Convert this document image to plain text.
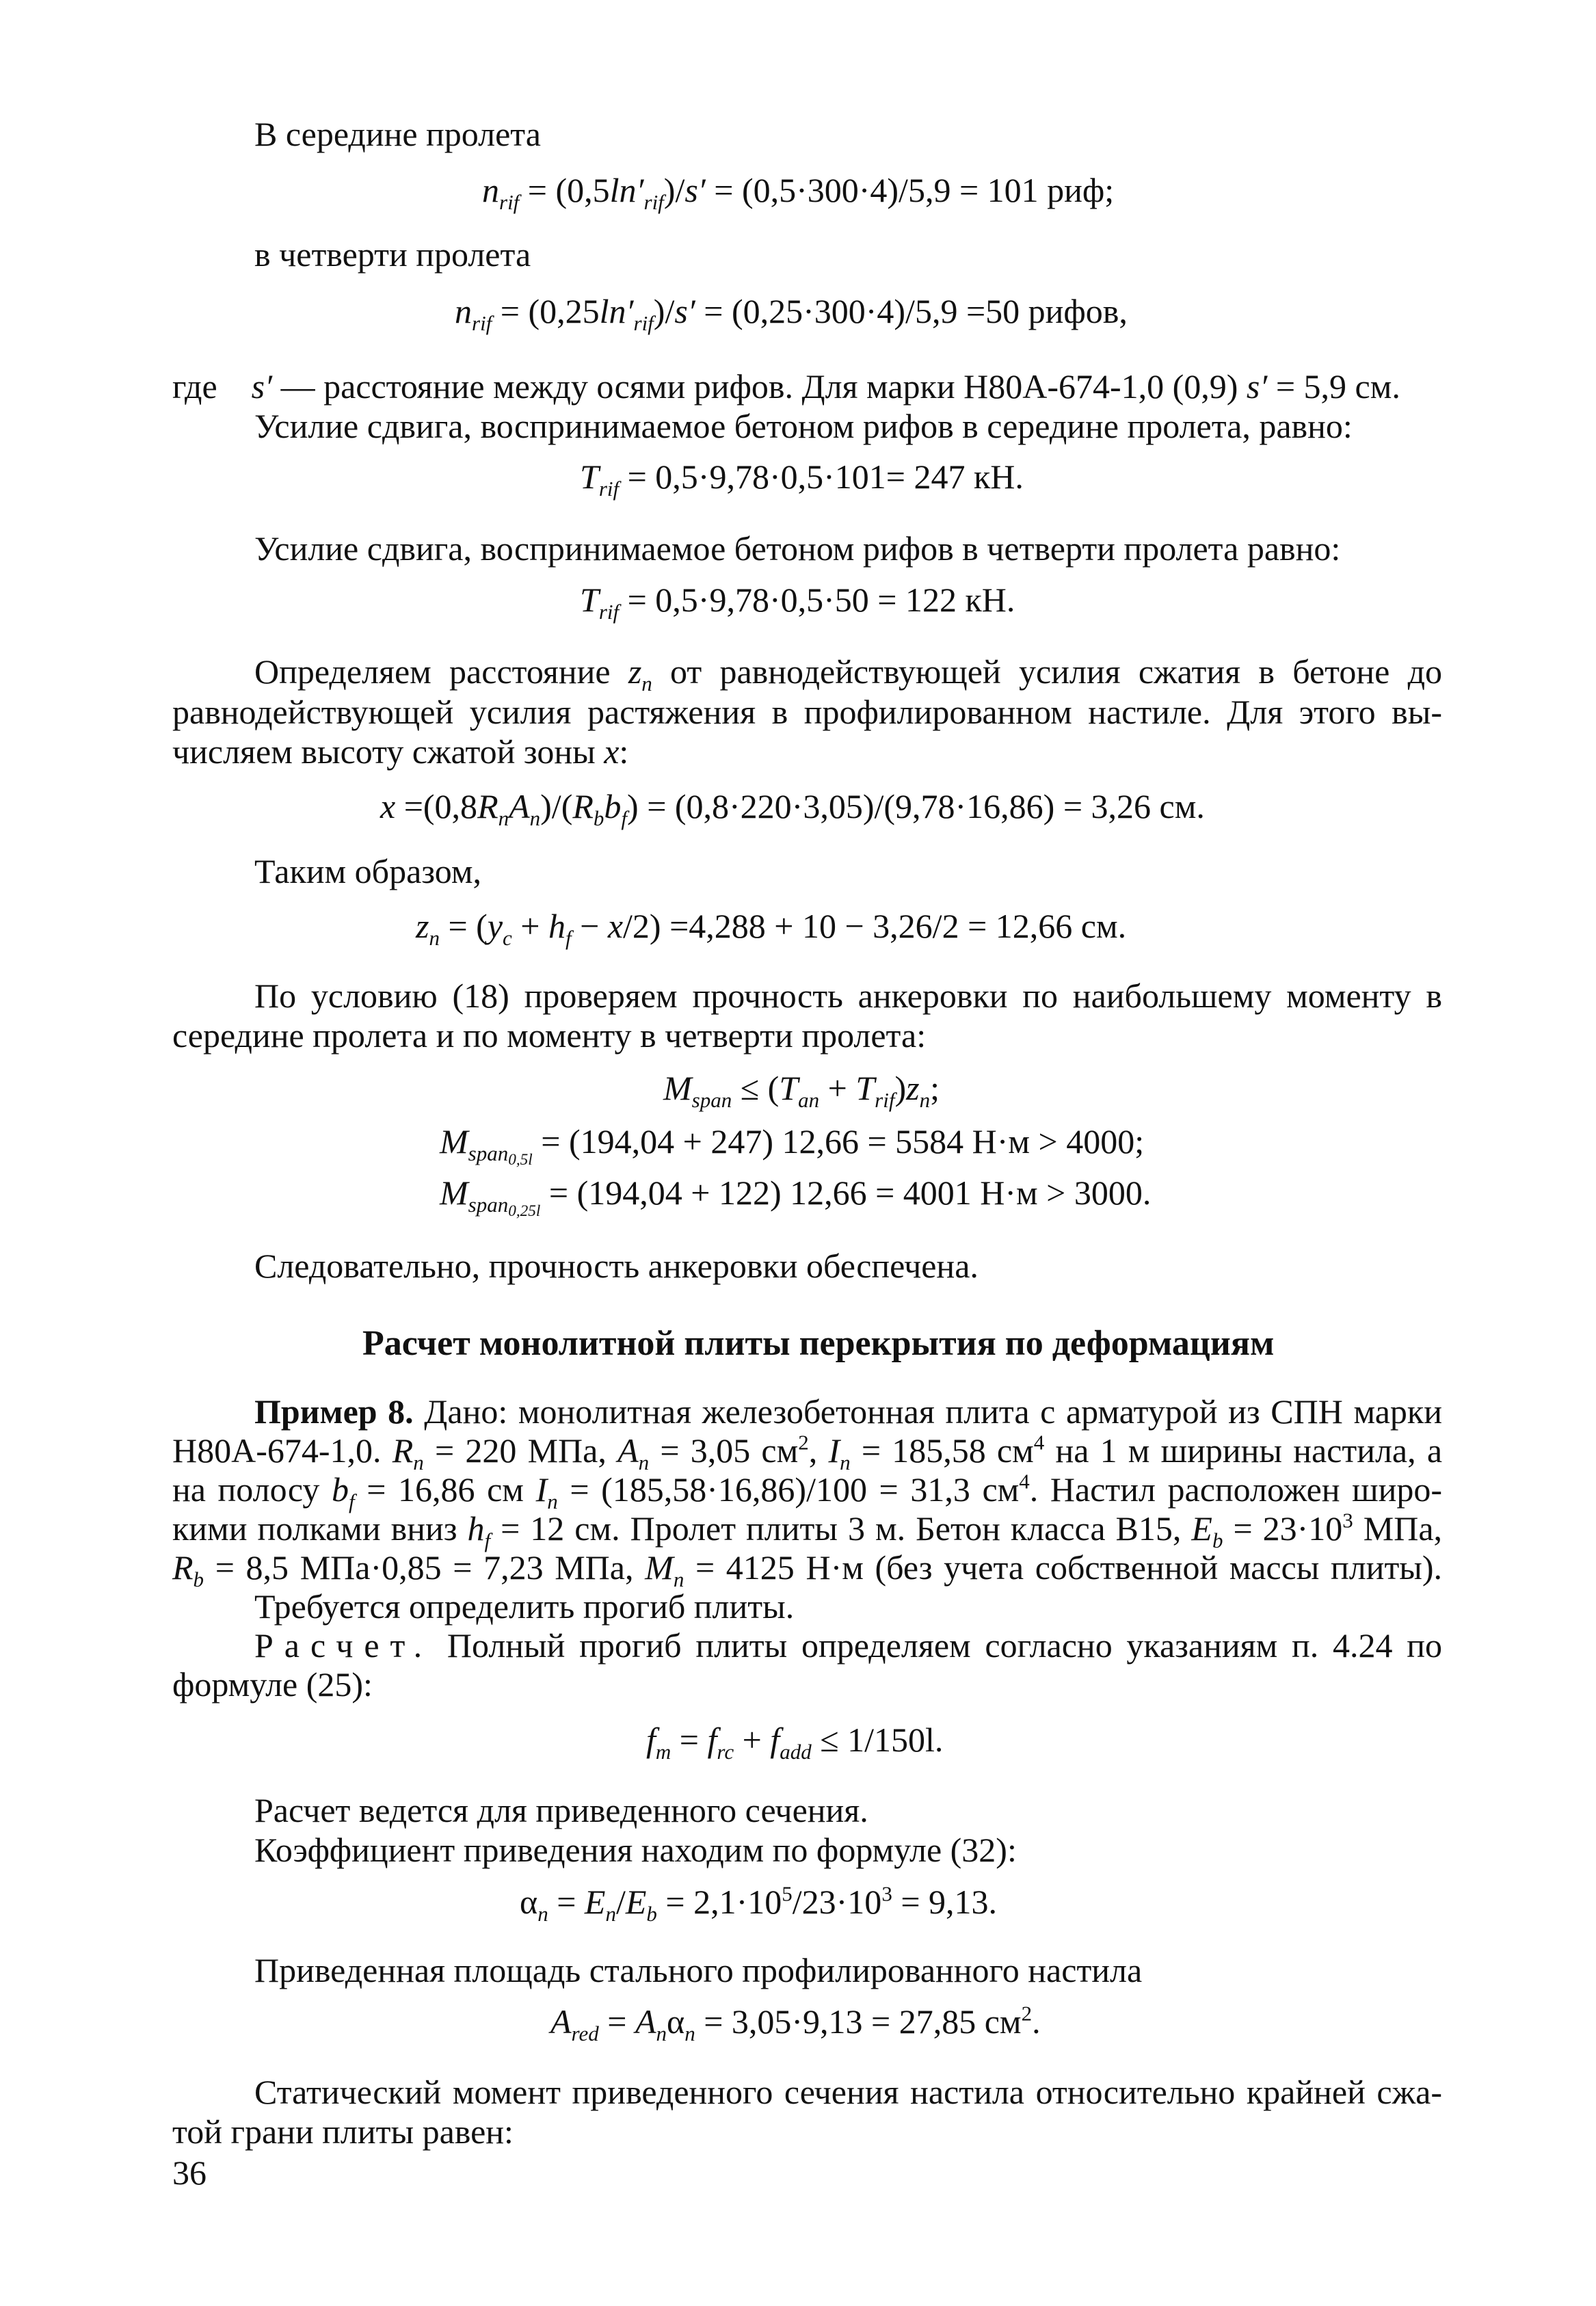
В середине пролета
$n_{rif} = (0,5\ln'_{rif})/s' = (0,5\cdot 300\cdot 4)/5,9 = 101$ риф;
в четверти пролета
$n_{rif} = (0,25\ln'_{rif})/s' = (0,25\cdot 300\cdot 4)/5,9 =50$ рифов,
где s′ — расстояние между осями рифов. Для марки Н80А-674-1,0 (0,9) s′ = 5,9 см.
Усилие сдвига, воспринимаемое бетоном рифов в середине пролета, равно:
$T_{rif} = 0,5\cdot 9,78\cdot 0,5\cdot 101= 247$ кН.
Усилие сдвига, воспринимаемое бетоном рифов в четверти пролета равно:
$T_{rif} = 0,5\cdot 9,78\cdot 0,5\cdot 50 = 122$ кН.
Определяем расстояние $z_n$ от равнодействующей усилия сжатия в бетоне до
равнодействующей усилия растяжения в профилированном настиле. Для этого вы-
числяем высоту сжатой зоны x:
$x =(0,8R_nA_n)/(R_bb_f) = (0,8\cdot 220\cdot 3,05)/(9,78\cdot 16,86) = 3,26$ см.
Таким образом,
$z_n = (y_c + h_f - x/2) =4,288 + 10 - 3,26/2 = 12,66$ см.
По условию (18) проверяем прочность анкеровки по наибольшему моменту в
середине пролета и по моменту в четверти пролета:
$M_{span} \le (T_{an} + T_{rif})z_n$;
$M_{span0,5l} = (194,04 + 247) 12,66 = 5584$ Н·м > 4000;
$M_{span0,25l} = (194,04 + 122) 12,66 = 4001$ Н·м > 3000.
Следовательно, прочность анкеровки обеспечена.
Расчет монолитной плиты перекрытия по деформациям
Пример 8. Дано: монолитная железобетонная плита с арматурой из СПН марки
Н80А-674-1,0. $R_n = 220$ МПа, $A_n = 3,05$ $см^2$, $I_n = 185,58$ $см^4$ на 1 м ширины настила, а
на полосу $b_f = 16,86$ см $I_n = (185,58\cdot 16,86)/100 = 31,3$ $см^4$. Настил расположен широ-
кими полками вниз $h_f = 12$ см. Пролет плиты 3 м. Бетон класса В15, $E_b = 23\cdot 10^3$ МПа,
$R_b = 8,5$ МПа·0,85 = 7,23 МПа, $M_n = 4125$ Н·м (без учета собственной массы плиты).
Требуется определить прогиб плиты.
Расчет. Полный прогиб плиты определяем согласно указаниям п. 4.24 по
формуле (25):
$f_m = f_{rc} + f_{add} \le 1/150l$.
Расчет ведется для приведенного сечения.
Коэффициент приведения находим по формуле (32):
$\alpha_n = E_n/E_b = 2,1\cdot 10^5/23\cdot 10^3 = 9,13$.
Приведенная площадь стального профилированного настила
$A_{red} = A_n\alpha_n = 3,05\cdot 9,13 = 27,85$ $см^2$.
Статический момент приведенного сечения настила относительно крайней сжа-
той грани плиты равен:
36
